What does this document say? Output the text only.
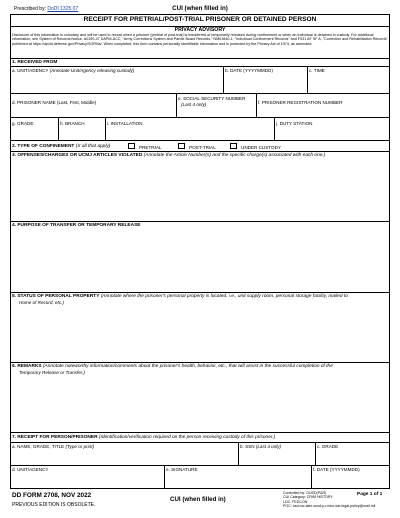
Prescribed by: DoDI 1325.07	CUI (when filled in)
RECEIPT FOR PRETRIAL/POST-TRIAL PRISONER OR DETAINED PERSON
PRIVACY ADVISORY
Disclosure of this information is voluntary and will be used to record when a prisoner (pretrial or post-trial) is transferred or temporarily released during confinement or when an individual is detained in custody. For additional information, see System of Records Notice, A0190-47 DAPM-ACC, "Army Corrections System and Parole Board Records," NM01640-1, "Individual Confinement Records" and F031 AF SF A, "Correction and Rehabilitation Records" published at https://dpcld.defense.gov/Privacy/SORNs/. When completed, this form contains personally identifiable information and is protected by the Privacy Act of 1974, as amended.
1. RECEIVED FROM
a. UNIT/AGENCY (Annotate Unit/Agency releasing custody)	b. DATE (YYYYMMDD)	c. TIME
d. PRISONER NAME (Last, First, Middle)
e. SOCIAL SECURITY NUMBER
(Last 4 only)	f. PRISONER REGISTRATION NUMBER
g. GRADE	h. BRANCH	i. INSTALLATION	j. DUTY STATION
2. TYPE OF CONFINEMENT (X all that apply)	PRETRIAL	POST-TRIAL	UNDER CUSTODY
3. OFFENSES/CHARGES OR UCMJ ARTICLES VIOLATED (Annotate the Article Number(s) and the specific charge(s) associated with each one.)
4. PURPOSE OF TRANSFER OR TEMPORARY RELEASE
5. STATUS OF PERSONAL PROPERTY (Annotate where the prisoner's personal property is located, i.e., unit supply room, personal storage facility, mailed to
Home of Record, etc.)
6. REMARKS (Annotate noteworthy information/comments about the prisoner's health, behavior, etc., that will assist in the successful completion of the
Temporary Release or Transfer.)
7. RECEIPT FOR PERSON/PRISONER (Identification/verification required on the person receiving custody of this prisoner.)
a. NAME, GRADE, TITLE (Type or print)	b. SSN (Last 4 only)	c. GRADE
d. UNIT/AGENCY	e. SIGNATURE	f. DATE (YYYYMMDD)
DD FORM 2708, NOV 2022
PREVIOUS EDITION IS OBSOLETE.
CUI (when filled in)
Controlled by: OUSD(P&R)
CUI Category: CRIM HISTORY
LDC: FEDCON
POC: osd.mc-alex.ousd-p-r.mbx.oar-legal-policy@mail.mil
Page 1 of 1
